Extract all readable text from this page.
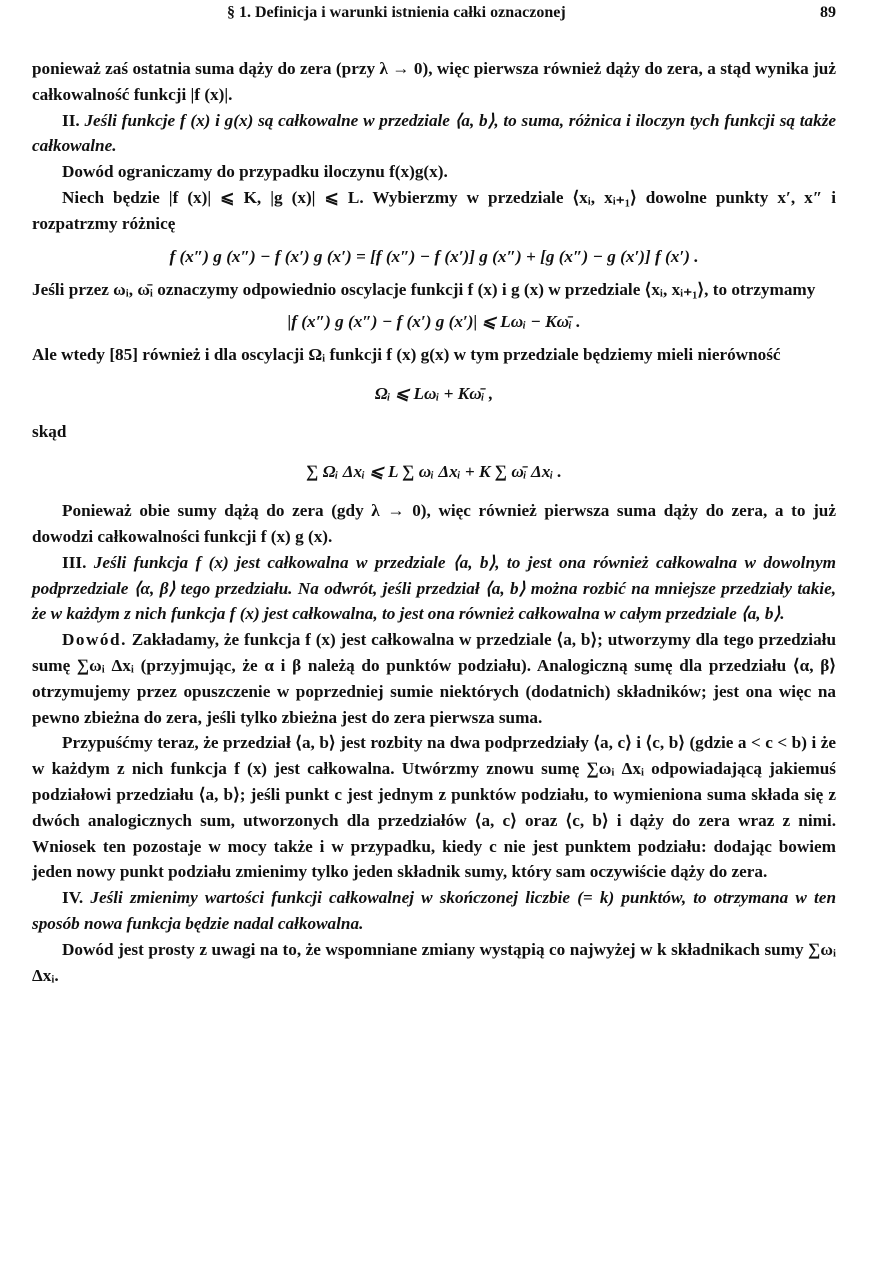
§ 1. Definicja i warunki istnienia całki oznaczonej	89

ponieważ zaś ostatnia suma dąży do zera (przy λ → 0), więc pierwsza również dąży do zera, a stąd wynika już całkowalność funkcji |f (x)|.

II. Jeśli funkcje f (x) i g(x) są całkowalne w przedziale ⟨a, b⟩, to suma, różnica i iloczyn tych funkcji są także całkowalne.

Dowód ograniczamy do przypadku iloczynu f(x)g(x).

Niech będzie |f (x)| ⩽ K, |g (x)| ⩽ L. Wybierzmy w przedziale ⟨xᵢ, xᵢ₊₁⟩ dowolne punkty x′, x″ i rozpatrzmy różnicę

f (x″) g (x″) − f (x′) g (x′) = [f (x″) − f (x′)] g (x″) + [g (x″) − g (x′)] f (x′) .

Jeśli przez ωᵢ, ω̄ᵢ oznaczymy odpowiednio oscylacje funkcji f (x) i g (x) w przedziale ⟨xᵢ, xᵢ₊₁⟩, to otrzymamy

|f (x″) g (x″) − f (x′) g (x′)| ⩽ Lωᵢ − Kω̄ᵢ .

Ale wtedy [85] również i dla oscylacji Ωᵢ funkcji f (x) g(x) w tym przedziale będziemy mieli nierówność

Ωᵢ ⩽ Lωᵢ + Kω̄ᵢ ,
skąd
∑ Ωᵢ Δxᵢ ⩽ L ∑ ωᵢ Δxᵢ + K ∑ ω̄ᵢ Δxᵢ .

Ponieważ obie sumy dążą do zera (gdy λ → 0), więc również pierwsza suma dąży do zera, a to już dowodzi całkowalności funkcji f (x) g (x).

III. Jeśli funkcja f (x) jest całkowalna w przedziale ⟨a, b⟩, to jest ona również całkowalna w dowolnym podprzedziale ⟨α, β⟩ tego przedziału. Na odwrót, jeśli przedział ⟨a, b⟩ można rozbić na mniejsze przedziały takie, że w każdym z nich funkcja f (x) jest całkowalna, to jest ona również całkowalna w całym przedziale ⟨a, b⟩.

Dowód. Zakładamy, że funkcja f (x) jest całkowalna w przedziale ⟨a, b⟩; utworzymy dla tego przedziału sumę ∑ωᵢ Δxᵢ (przyjmując, że α i β należą do punktów podziału). Analogiczną sumę dla przedziału ⟨α, β⟩ otrzymujemy przez opuszczenie w poprzedniej sumie niektórych (dodatnich) składników; jest ona więc na pewno zbieżna do zera, jeśli tylko zbieżna jest do zera pierwsza suma.

Przypuśćmy teraz, że przedział ⟨a, b⟩ jest rozbity na dwa podprzedziały ⟨a, c⟩ i ⟨c, b⟩ (gdzie a < c < b) i że w każdym z nich funkcja f (x) jest całkowalna. Utwórzmy znowu sumę ∑ωᵢ Δxᵢ odpowiadającą jakiemuś podziałowi przedziału ⟨a, b⟩; jeśli punkt c jest jednym z punktów podziału, to wymieniona suma składa się z dwóch analogicznych sum, utworzonych dla przedziałów ⟨a, c⟩ oraz ⟨c, b⟩ i dąży do zera wraz z nimi. Wniosek ten pozostaje w mocy także i w przypadku, kiedy c nie jest punktem podziału: dodając bowiem jeden nowy punkt podziału zmienimy tylko jeden składnik sumy, który sam oczywiście dąży do zera.

IV. Jeśli zmienimy wartości funkcji całkowalnej w skończonej liczbie (= k) punktów, to otrzymana w ten sposób nowa funkcja będzie nadal całkowalna.

Dowód jest prosty z uwagi na to, że wspomniane zmiany wystąpią co najwyżej w k składnikach sumy ∑ωᵢ Δxᵢ.
